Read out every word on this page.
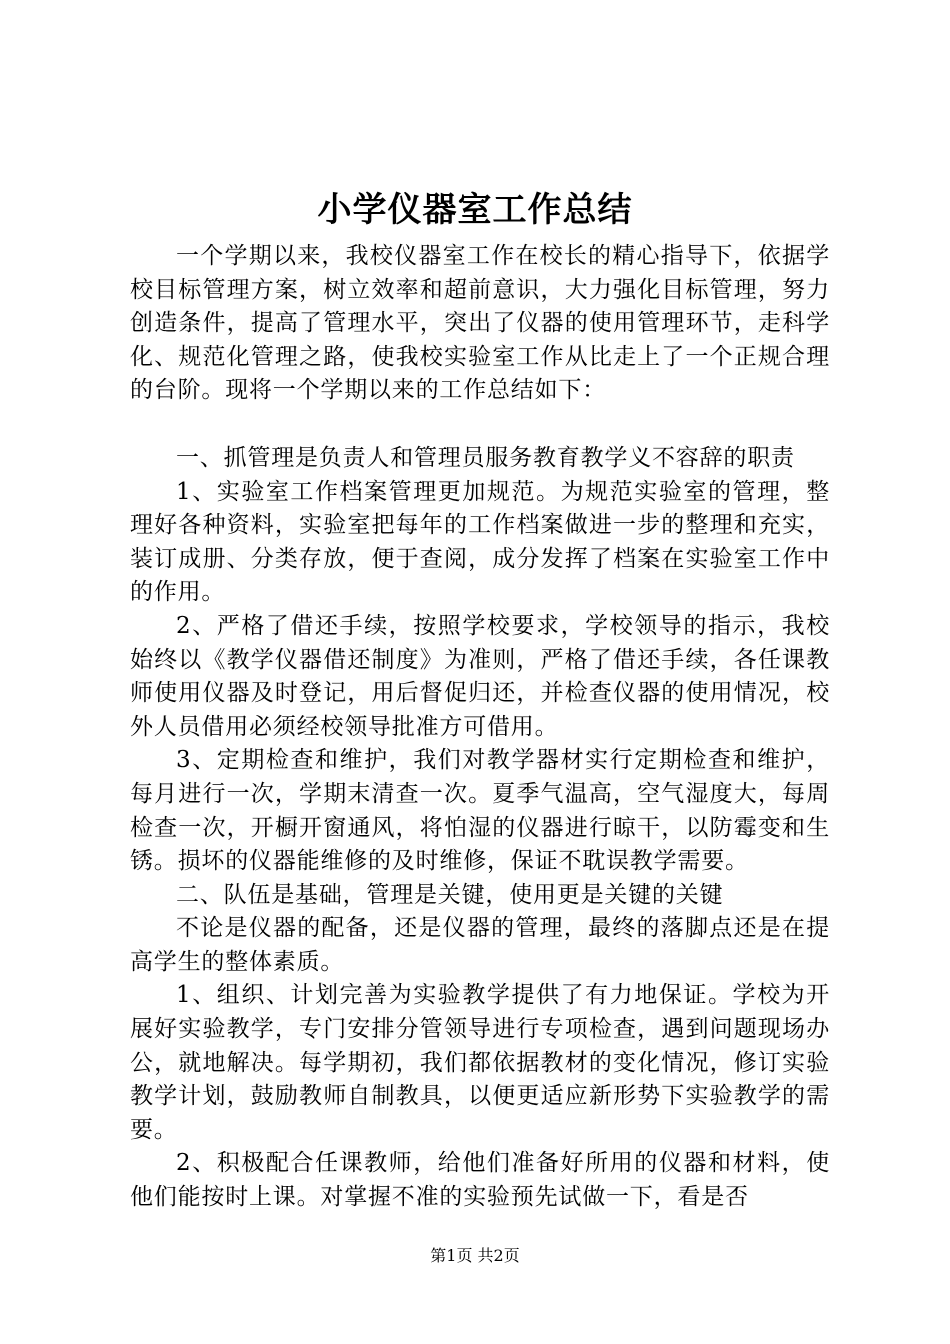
小学仪器室工作总结

一个学期以来，我校仪器室工作在校长的精心指导下，依据学校目标管理方案，树立效率和超前意识，大力强化目标管理，努力创造条件，提高了管理水平，突出了仪器的使用管理环节，走科学化、规范化管理之路，使我校实验室工作从比走上了一个正规合理的台阶。现将一个学期以来的工作总结如下：

一、抓管理是负责人和管理员服务教育教学义不容辞的职责

1、实验室工作档案管理更加规范。为规范实验室的管理，整理好各种资料，实验室把每年的工作档案做进一步的整理和充实，装订成册、分类存放，便于查阅，成分发挥了档案在实验室工作中的作用。

2、严格了借还手续，按照学校要求，学校领导的指示，我校始终以《教学仪器借还制度》为准则，严格了借还手续，各任课教师使用仪器及时登记，用后督促归还，并检查仪器的使用情况，校外人员借用必须经校领导批准方可借用。

3、定期检查和维护，我们对教学器材实行定期检查和维护，每月进行一次，学期末清查一次。夏季气温高，空气湿度大，每周检查一次，开橱开窗通风，将怕湿的仪器进行晾干，以防霉变和生锈。损坏的仪器能维修的及时维修，保证不耽误教学需要。

二、队伍是基础，管理是关键，使用更是关键的关键

不论是仪器的配备，还是仪器的管理，最终的落脚点还是在提高学生的整体素质。

1、组织、计划完善为实验教学提供了有力地保证。学校为开展好实验教学，专门安排分管领导进行专项检查，遇到问题现场办公，就地解决。每学期初，我们都依据教材的变化情况，修订实验教学计划，鼓励教师自制教具，以便更适应新形势下实验教学的需要。

2、积极配合任课教师，给他们准备好所用的仪器和材料，使他们能按时上课。对掌握不准的实验预先试做一下，看是否

第1页 共2页
